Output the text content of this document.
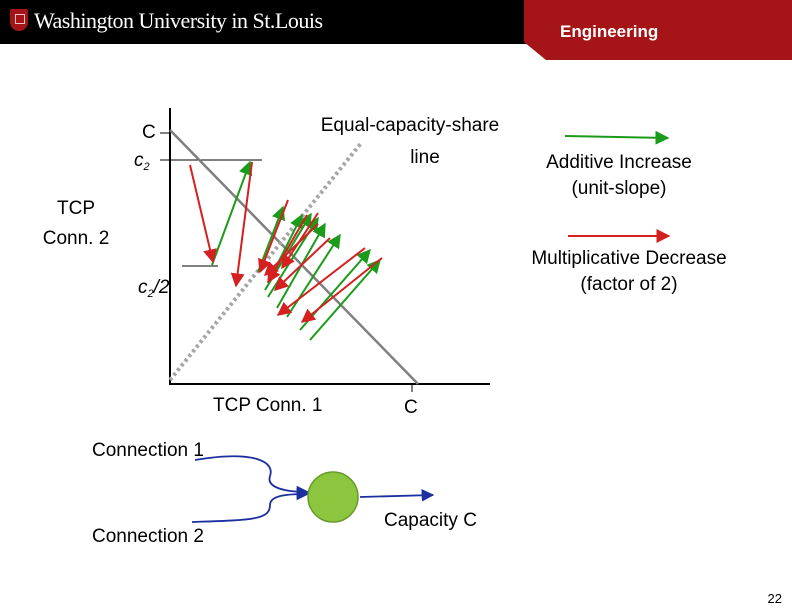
Washington University in St.Louis	Engineering
C
$c_2$
TCP
Conn. 2
$c_2/2$
Equal-capacity-share
line
TCP Conn. 1	C
Additive Increase
(unit-slope)
Multiplicative Decrease
(factor of 2)
Connection 1
Connection 2
Capacity C
22
